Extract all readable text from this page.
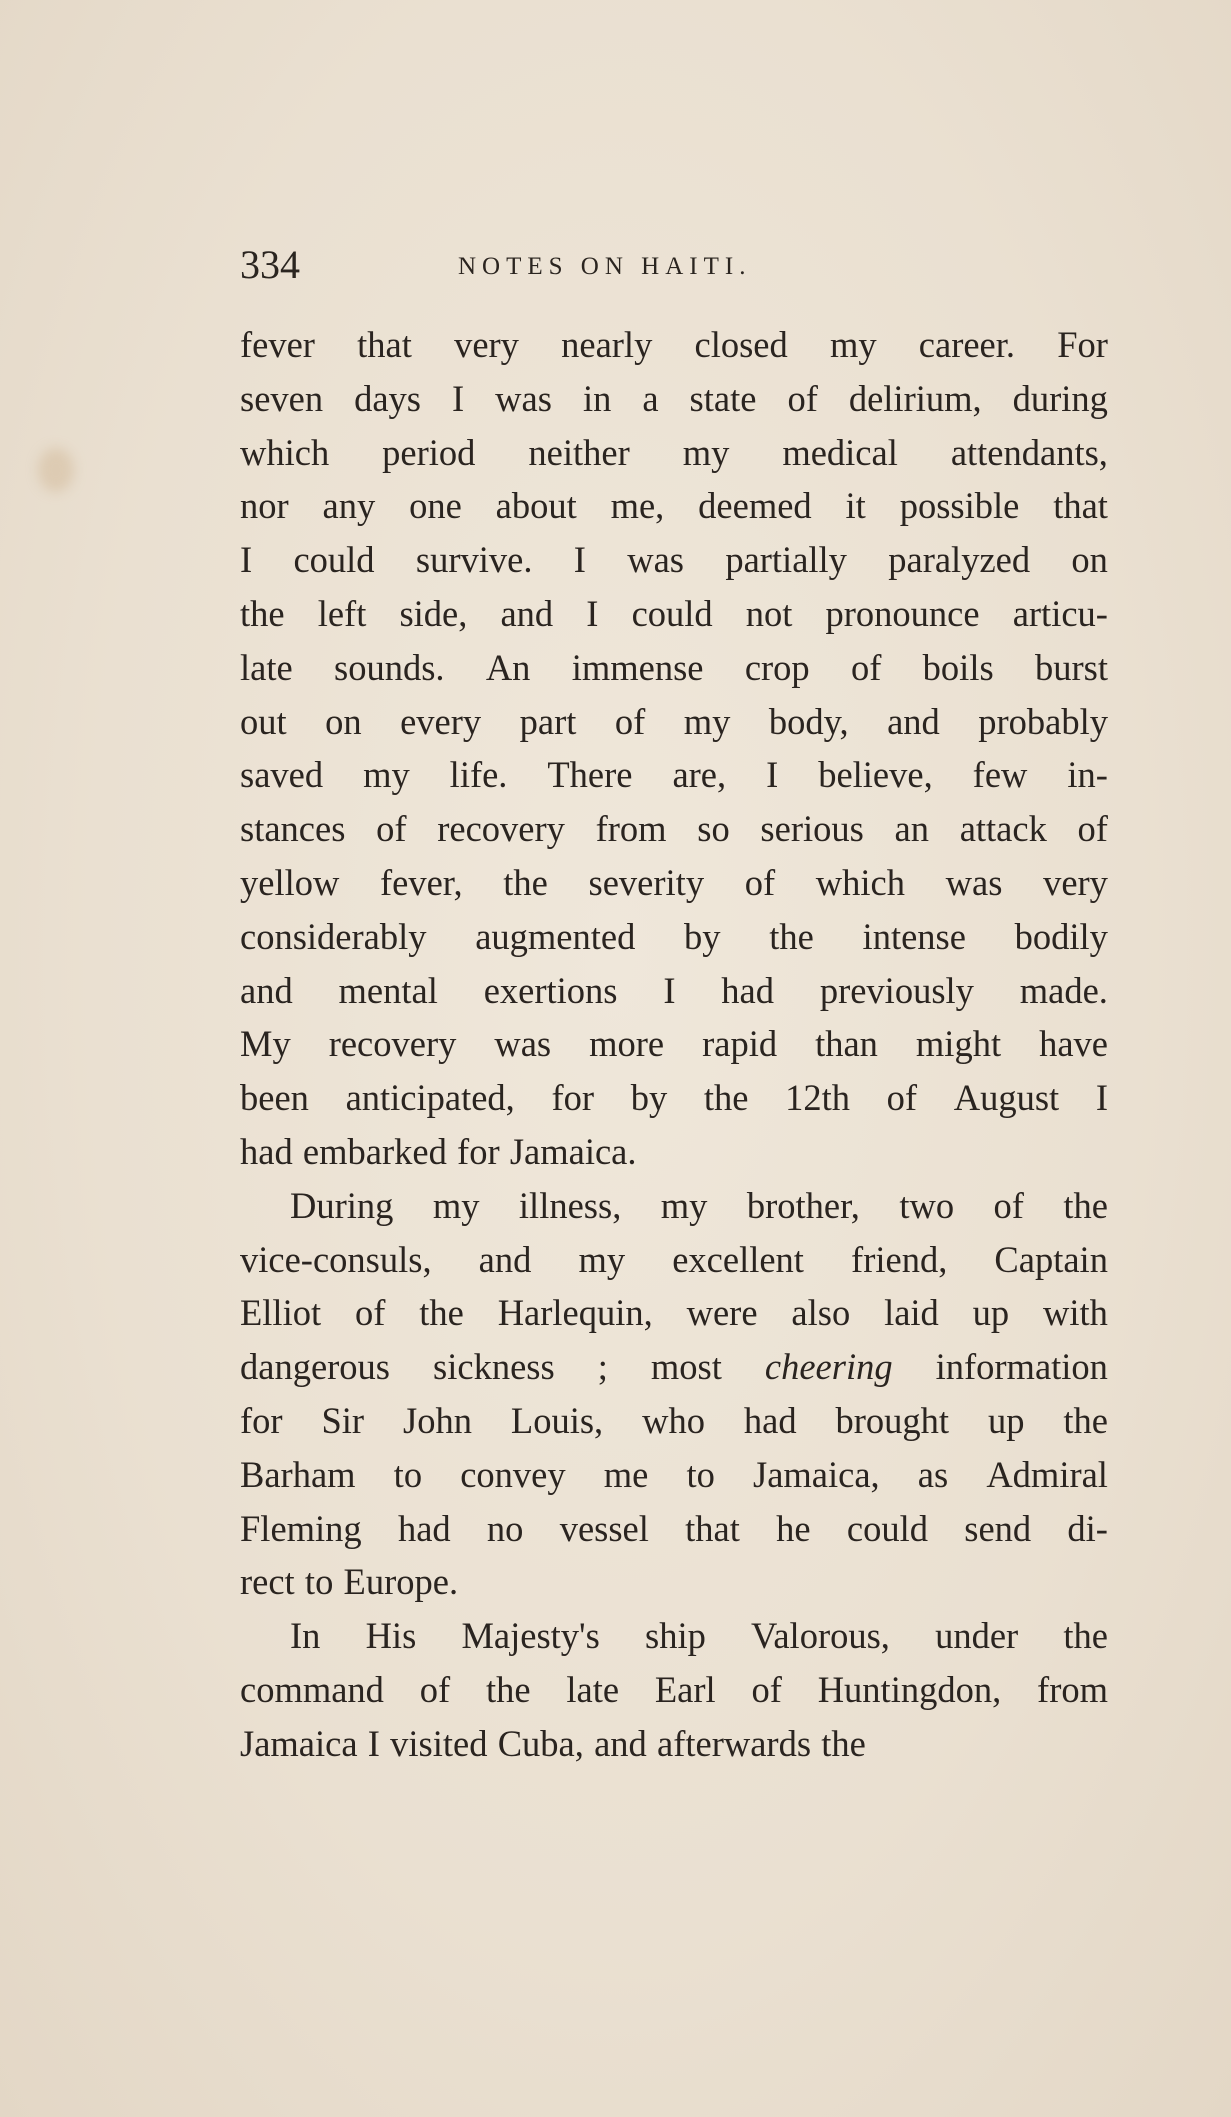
334	NOTES ON HAITI.
fever that very nearly closed my career. For
seven days I was in a state of delirium, during
which period neither my medical attendants,
nor any one about me, deemed it possible that
I could survive. I was partially paralyzed on
the left side, and I could not pronounce articu-
late sounds. An immense crop of boils burst
out on every part of my body, and probably
saved my life. There are, I believe, few in-
stances of recovery from so serious an attack of
yellow fever, the severity of which was very
considerably augmented by the intense bodily
and mental exertions I had previously made.
My recovery was more rapid than might have
been anticipated, for by the 12th of August I
had embarked for Jamaica.
During my illness, my brother, two of the
vice-consuls, and my excellent friend, Captain
Elliot of the Harlequin, were also laid up with
dangerous sickness ; most cheering information
for Sir John Louis, who had brought up the
Barham to convey me to Jamaica, as Admiral
Fleming had no vessel that he could send di-
rect to Europe.
In His Majesty's ship Valorous, under the
command of the late Earl of Huntingdon, from
Jamaica I visited Cuba, and afterwards the
